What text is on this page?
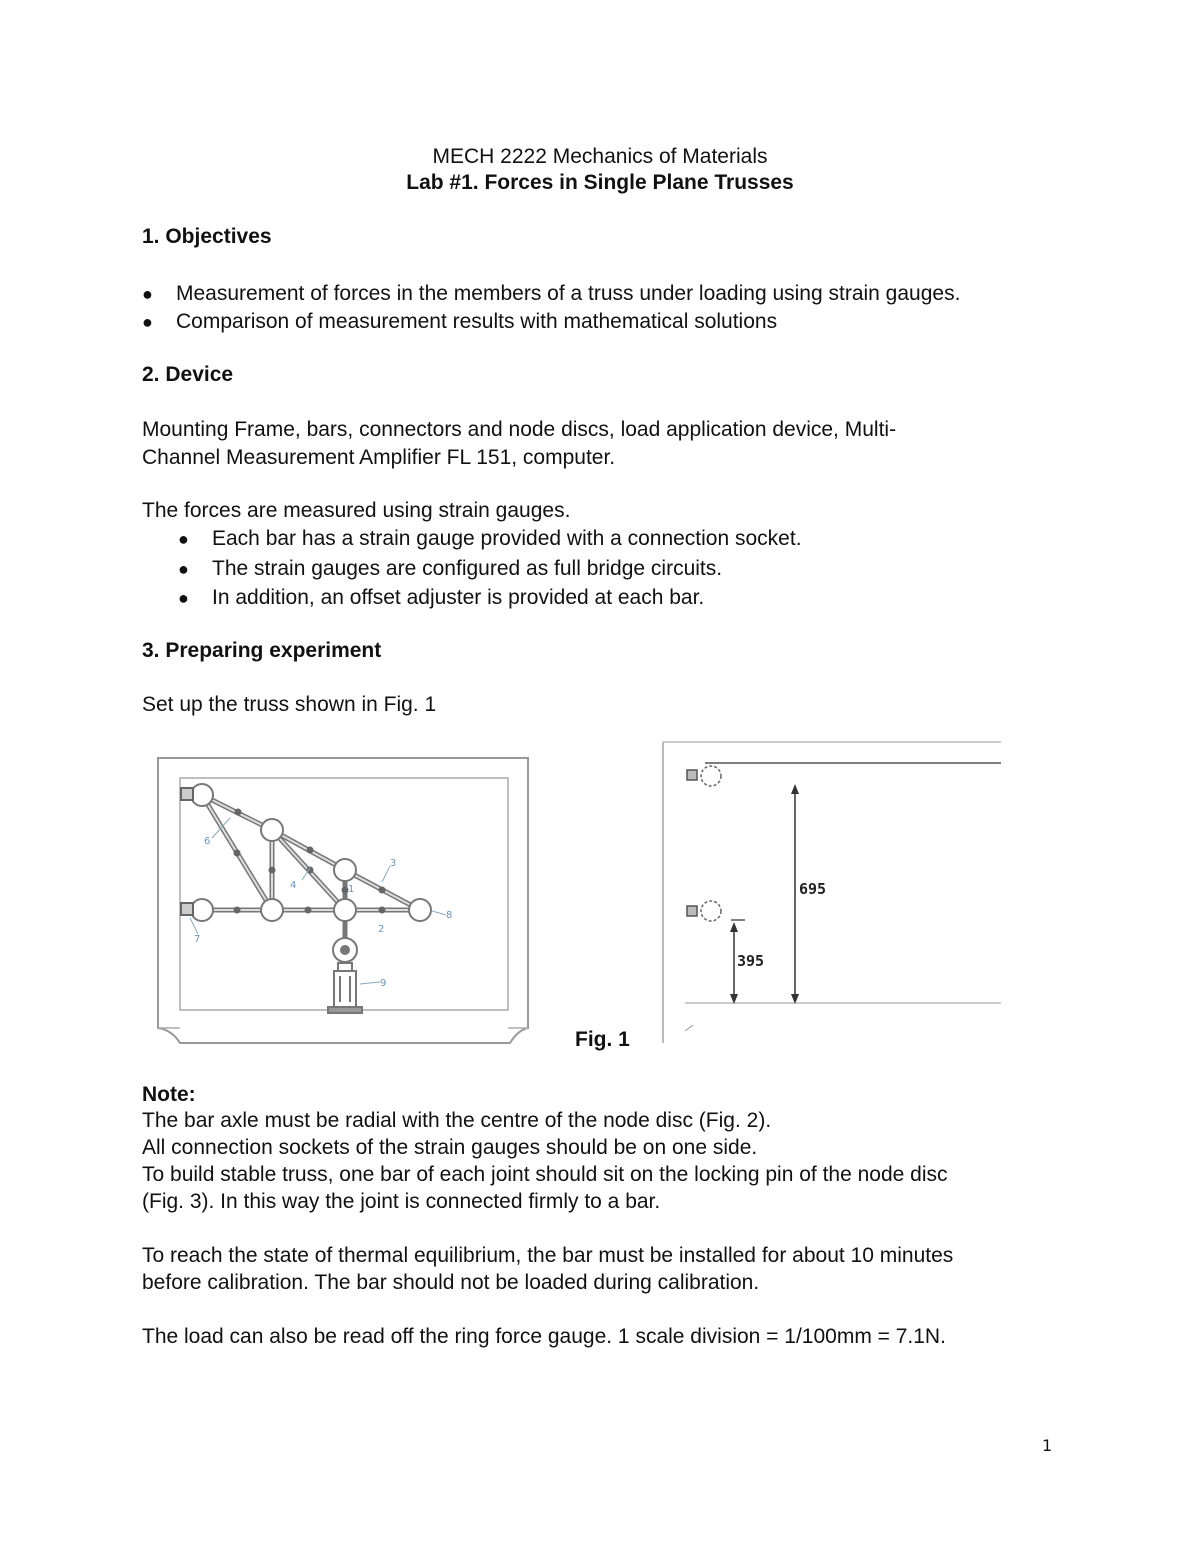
MECH 2222 Mechanics of Materials
Lab #1. Forces in Single Plane Trusses
1. Objectives
● Measurement of forces in the members of a truss under loading using strain gauges.
● Comparison of measurement results with mathematical solutions
2. Device
Mounting Frame, bars, connectors and node discs, load application device, Multi-
Channel Measurement Amplifier FL 151, computer.
The forces are measured using strain gauges.
● Each bar has a strain gauge provided with a connection socket.
● The strain gauges are configured as full bridge circuits.
● In addition, an offset adjuster is provided at each bar.
3. Preparing experiment
Set up the truss shown in Fig. 1
6
7
4	1
2
3
8
9
Fig. 1
695
395
Note:
The bar axle must be radial with the centre of the node disc (Fig. 2).
All connection sockets of the strain gauges should be on one side.
To build stable truss, one bar of each joint should sit on the locking pin of the node disc
(Fig. 3). In this way the joint is connected firmly to a bar.
To reach the state of thermal equilibrium, the bar must be installed for about 10 minutes
before calibration. The bar should not be loaded during calibration.
The load can also be read off the ring force gauge. 1 scale division = 1/100mm = 7.1N.
1
